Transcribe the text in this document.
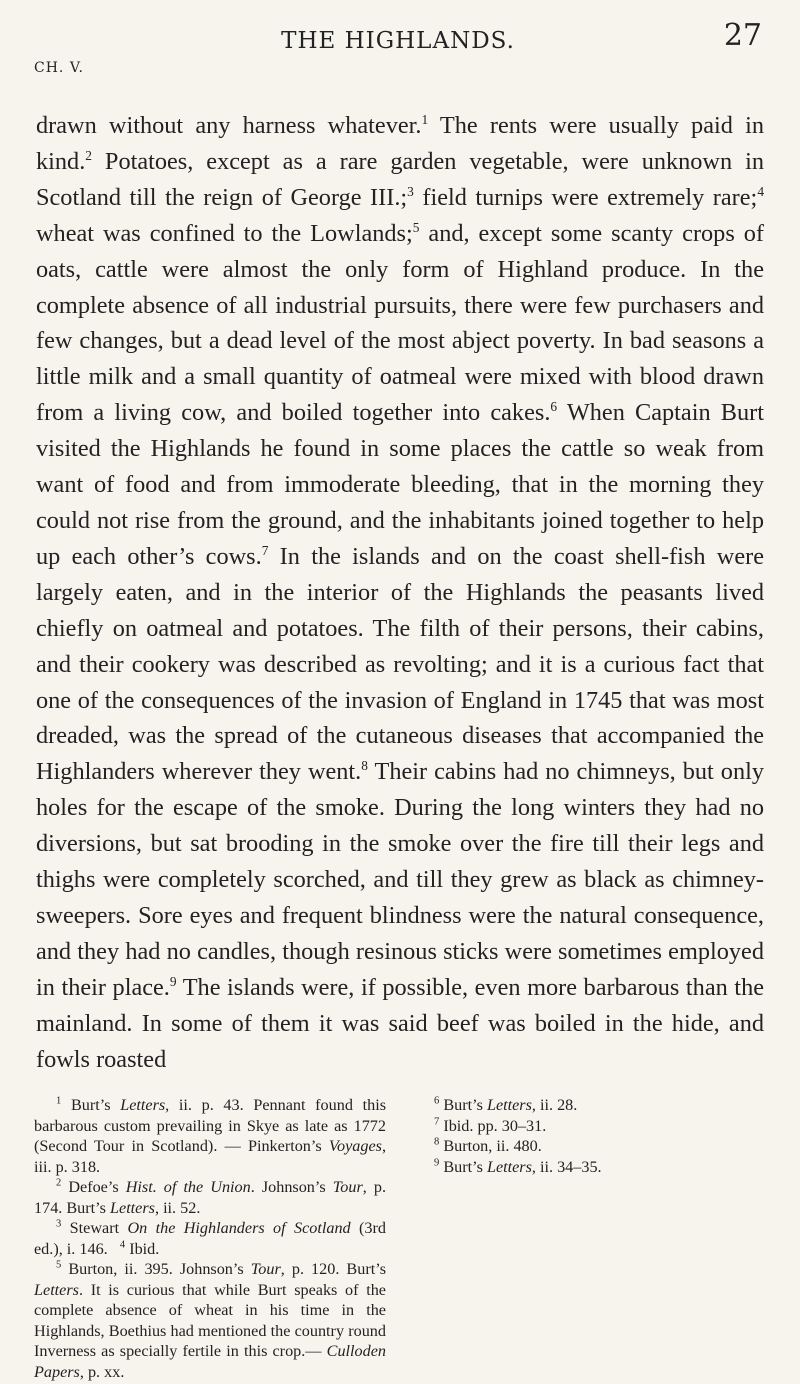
CH. V.
THE HIGHLANDS.	27

drawn without any harness whatever.$^1$ The rents were usually paid in kind.$^2$ Potatoes, except as a rare garden vegetable, were unknown in Scotland till the reign of George III.;$^3$ field turnips were extremely rare;$^4$ wheat was confined to the Lowlands;$^5$ and, except some scanty crops of oats, cattle were almost the only form of Highland produce. In the complete absence of all industrial pursuits, there were few purchasers and few changes, but a dead level of the most abject poverty. In bad seasons a little milk and a small quantity of oatmeal were mixed with blood drawn from a living cow, and boiled together into cakes.$^6$ When Captain Burt visited the Highlands he found in some places the cattle so weak from want of food and from immoderate bleeding, that in the morning they could not rise from the ground, and the inhabitants joined together to help up each other’s cows.$^7$ In the islands and on the coast shell-fish were largely eaten, and in the interior of the Highlands the peasants lived chiefly on oatmeal and potatoes. The filth of their persons, their cabins, and their cookery was described as revolting; and it is a curious fact that one of the consequences of the invasion of England in 1745 that was most dreaded, was the spread of the cutaneous diseases that accompanied the Highlanders wherever they went.$^8$ Their cabins had no chimneys, but only holes for the escape of the smoke. During the long winters they had no diversions, but sat brooding in the smoke over the fire till their legs and thighs were completely scorched, and till they grew as black as chimney-sweepers. Sore eyes and frequent blindness were the natural consequence, and they had no candles, though resinous sticks were sometimes employed in their place.$^9$ The islands were, if possible, even more barbarous than the mainland. In some of them it was said beef was boiled in the hide, and fowls roasted

$^1$ Burt’s Letters, ii. p. 43. Pennant found this barbarous custom prevailing in Skye as late as 1772 (Second Tour in Scotland). — Pinkerton’s Voyages, iii. p. 318.

$^2$ Defoe’s Hist. of the Union. Johnson’s Tour, p. 174. Burt’s Letters, ii. 52.

$^3$ Stewart On the Highlanders of Scotland (3rd ed.), i. 146. $^4$ Ibid.

$^5$ Burton, ii. 395. Johnson’s Tour, p. 120. Burt’s Letters. It is curious that while Burt speaks of the complete absence of wheat in his time in the Highlands, Boethius had mentioned the country round Inverness as specially fertile in this crop.— Culloden Papers, p. xx.

$^6$ Burt’s Letters, ii. 28.

$^7$ Ibid. pp. 30–31.

$^8$ Burton, ii. 480.

$^9$ Burt’s Letters, ii. 34–35.
